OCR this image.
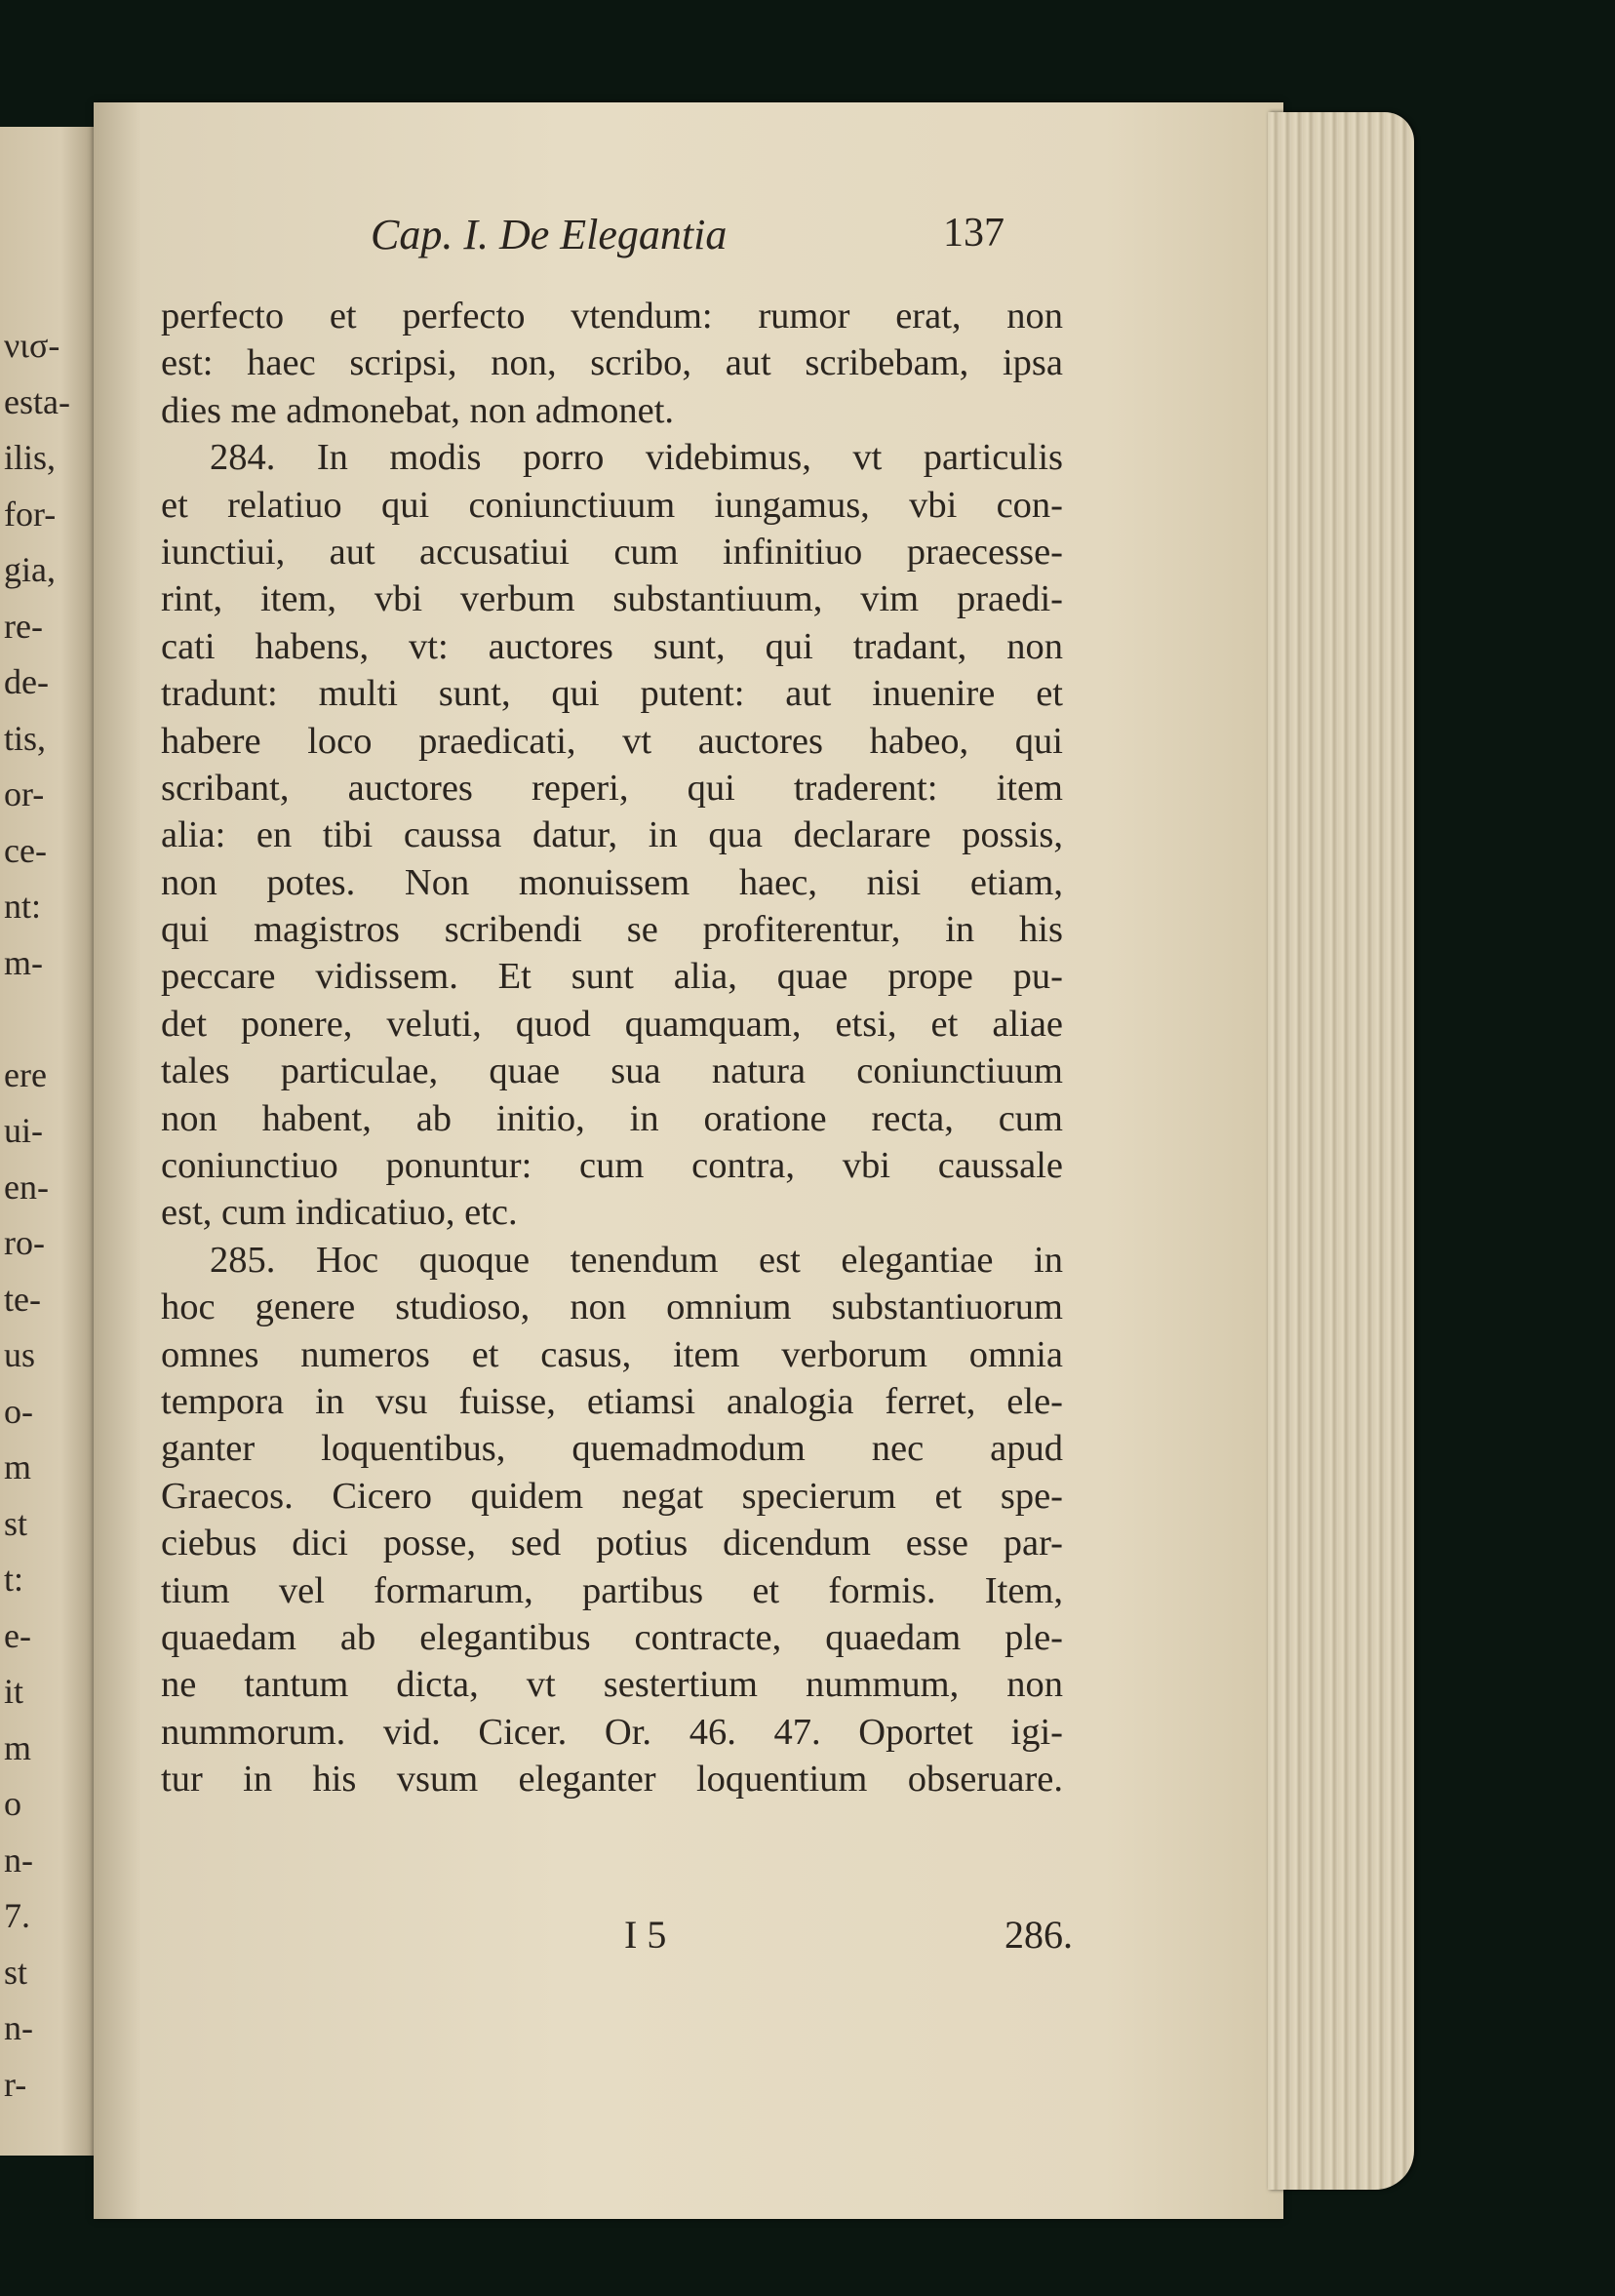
νισ-
esta-
ilis,
for-
gia,
re-
de-
tis,
or-
ce-
nt:
m-
ere
ui-
en-
ro-
te-
us
o-
m
st
t:
e-
it
m
o
n-
7.
st
n-
r-
Cap. I. De Elegantia	137
perfecto et perfecto vtendum: rumor erat, non
est: haec scripsi, non, scribo, aut scribebam, ipsa
dies me admonebat, non admonet.
284. In modis porro videbimus, vt particulis
et relatiuo qui coniunctiuum iungamus, vbi con-
iunctiui, aut accusatiui cum infinitiuo praecesse-
rint, item, vbi verbum substantiuum, vim praedi-
cati habens, vt: auctores sunt, qui tradant, non
tradunt: multi sunt, qui putent: aut inuenire et
habere loco praedicati, vt auctores habeo, qui
scribant, auctores reperi, qui traderent: item
alia: en tibi caussa datur, in qua declarare possis,
non potes. Non monuissem haec, nisi etiam,
qui magistros scribendi se profiterentur, in his
peccare vidissem. Et sunt alia, quae prope pu-
det ponere, veluti, quod quamquam, etsi, et aliae
tales particulae, quae sua natura coniunctiuum
non habent, ab initio, in oratione recta, cum
coniunctiuo ponuntur: cum contra, vbi caussale
est, cum indicatiuo, etc.
285. Hoc quoque tenendum est elegantiae in
hoc genere studioso, non omnium substantiuorum
omnes numeros et casus, item verborum omnia
tempora in vsu fuisse, etiamsi analogia ferret, ele-
ganter loquentibus, quemadmodum nec apud
Graecos. Cicero quidem negat specierum et spe-
ciebus dici posse, sed potius dicendum esse par-
tium vel formarum, partibus et formis. Item,
quaedam ab elegantibus contracte, quaedam ple-
ne tantum dicta, vt sestertium nummum, non
nummorum. vid. Cicer. Or. 46. 47. Oportet igi-
tur in his vsum eleganter loquentium obseruare.
I 5	286.
